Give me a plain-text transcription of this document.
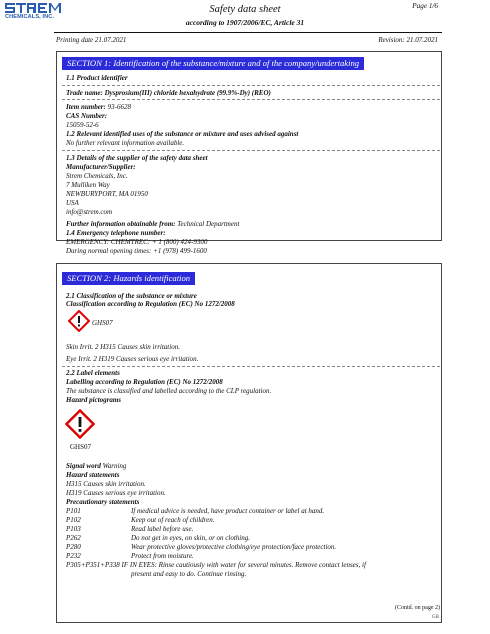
CHEMICALS, INC.
Safety data sheet
according to 1907/2006/EC, Article 31
Page 1/6
Printing date 21.07.2021	Revision: 21.07.2021
SECTION 1: Identification of the substance/mixture and of the company/undertaking
1.1 Product identifier
Trade name: Dysprosium(III) chloride hexahydrate (99.9%-Dy) (REO)
Item number: 93-6628
CAS Number:
15059-52-6
1.2 Relevant identified uses of the substance or mixture and uses advised against
No further relevant information available.
1.3 Details of the supplier of the safety data sheet
Manufacturer/Supplier:
Strem Chemicals, Inc.
7 Mulliken Way
NEWBURYPORT, MA 01950
USA
info@strem.com
Further information obtainable from: Technical Department
1.4 Emergency telephone number:
EMERGENCY: CHEMTREC: + 1 (800) 424-9300
During normal opening times: +1 (978) 499-1600
SECTION 2: Hazards identification
2.1 Classification of the substance or mixture
Classification according to Regulation (EC) No 1272/2008
GHS07
Skin Irrit. 2 H315 Causes skin irritation.
Eye Irrit. 2 H319 Causes serious eye irritation.
2.2 Label elements
Labelling according to Regulation (EC) No 1272/2008
The substance is classified and labelled according to the CLP regulation.
Hazard pictograms
GHS07
Signal word Warning
Hazard statements
H315 Causes skin irritation.
H319 Causes serious eye irritation.
Precautionary statements
P101	If medical advice is needed, have product container or label at hand.
P102	Keep out of reach of children.
P103	Read label before use.
P262	Do not get in eyes, on skin, or on clothing.
P280	Wear protective gloves/protective clothing/eye protection/face protection.
P232	Protect from moisture.
P305+P351+P338 IF IN EYES: Rinse cautiously with water for several minutes. Remove contact lenses, if
present and easy to do. Continue rinsing.
(Contd. on page 2)
GB
